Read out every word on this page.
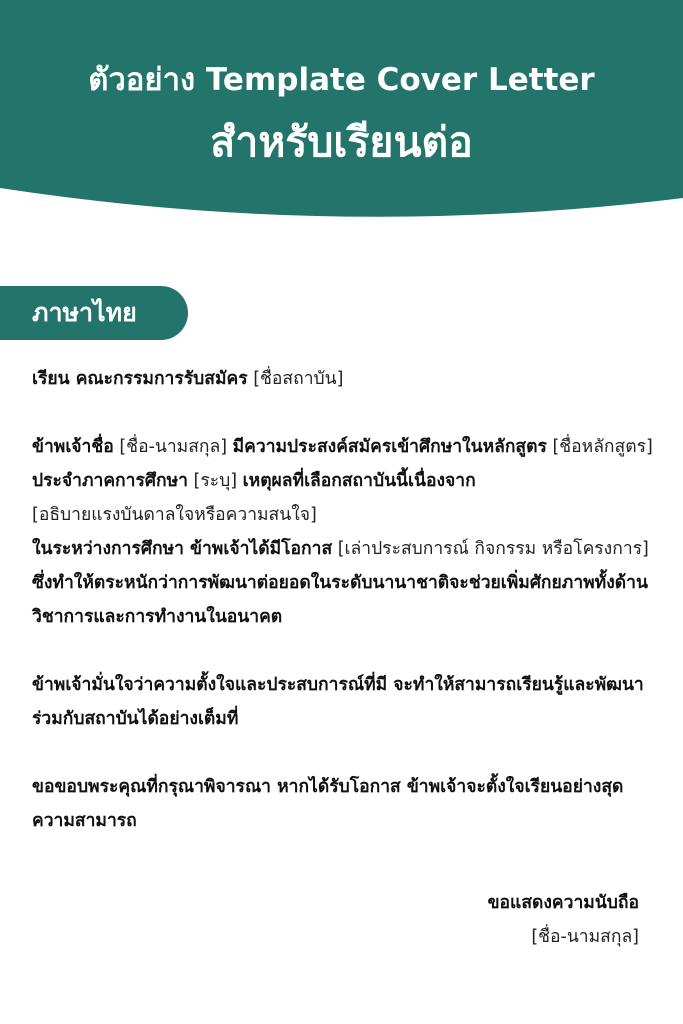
ตัวอย่าง Template Cover Letter
สำหรับเรียนต่อ
ภาษาไทย

เรียน คณะกรรมการรับสมัคร [ชื่อสถาบัน]

ข้าพเจ้าชื่อ [ชื่อ-นามสกุล] มีความประสงค์สมัครเข้าศึกษาในหลักสูตร [ชื่อหลักสูตร] ประจำภาคการศึกษา [ระบุ] เหตุผลที่เลือกสถาบันนี้เนื่องจาก
[อธิบายแรงบันดาลใจหรือความสนใจ]
ในระหว่างการศึกษา ข้าพเจ้าได้มีโอกาส [เล่าประสบการณ์ กิจกรรม หรือโครงการ] ซึ่งทำให้ตระหนักว่าการพัฒนาต่อยอดในระดับนานาชาติจะช่วยเพิ่มศักยภาพทั้งด้านวิชาการและการทำงานในอนาคต

ข้าพเจ้ามั่นใจว่าความตั้งใจและประสบการณ์ที่มี จะทำให้สามารถเรียนรู้และพัฒนาร่วมกับสถาบันได้อย่างเต็มที่

ขอขอบพระคุณที่กรุณาพิจารณา หากได้รับโอกาส ข้าพเจ้าจะตั้งใจเรียนอย่างสุดความสามารถ

ขอแสดงความนับถือ
[ชื่อ-นามสกุล]
